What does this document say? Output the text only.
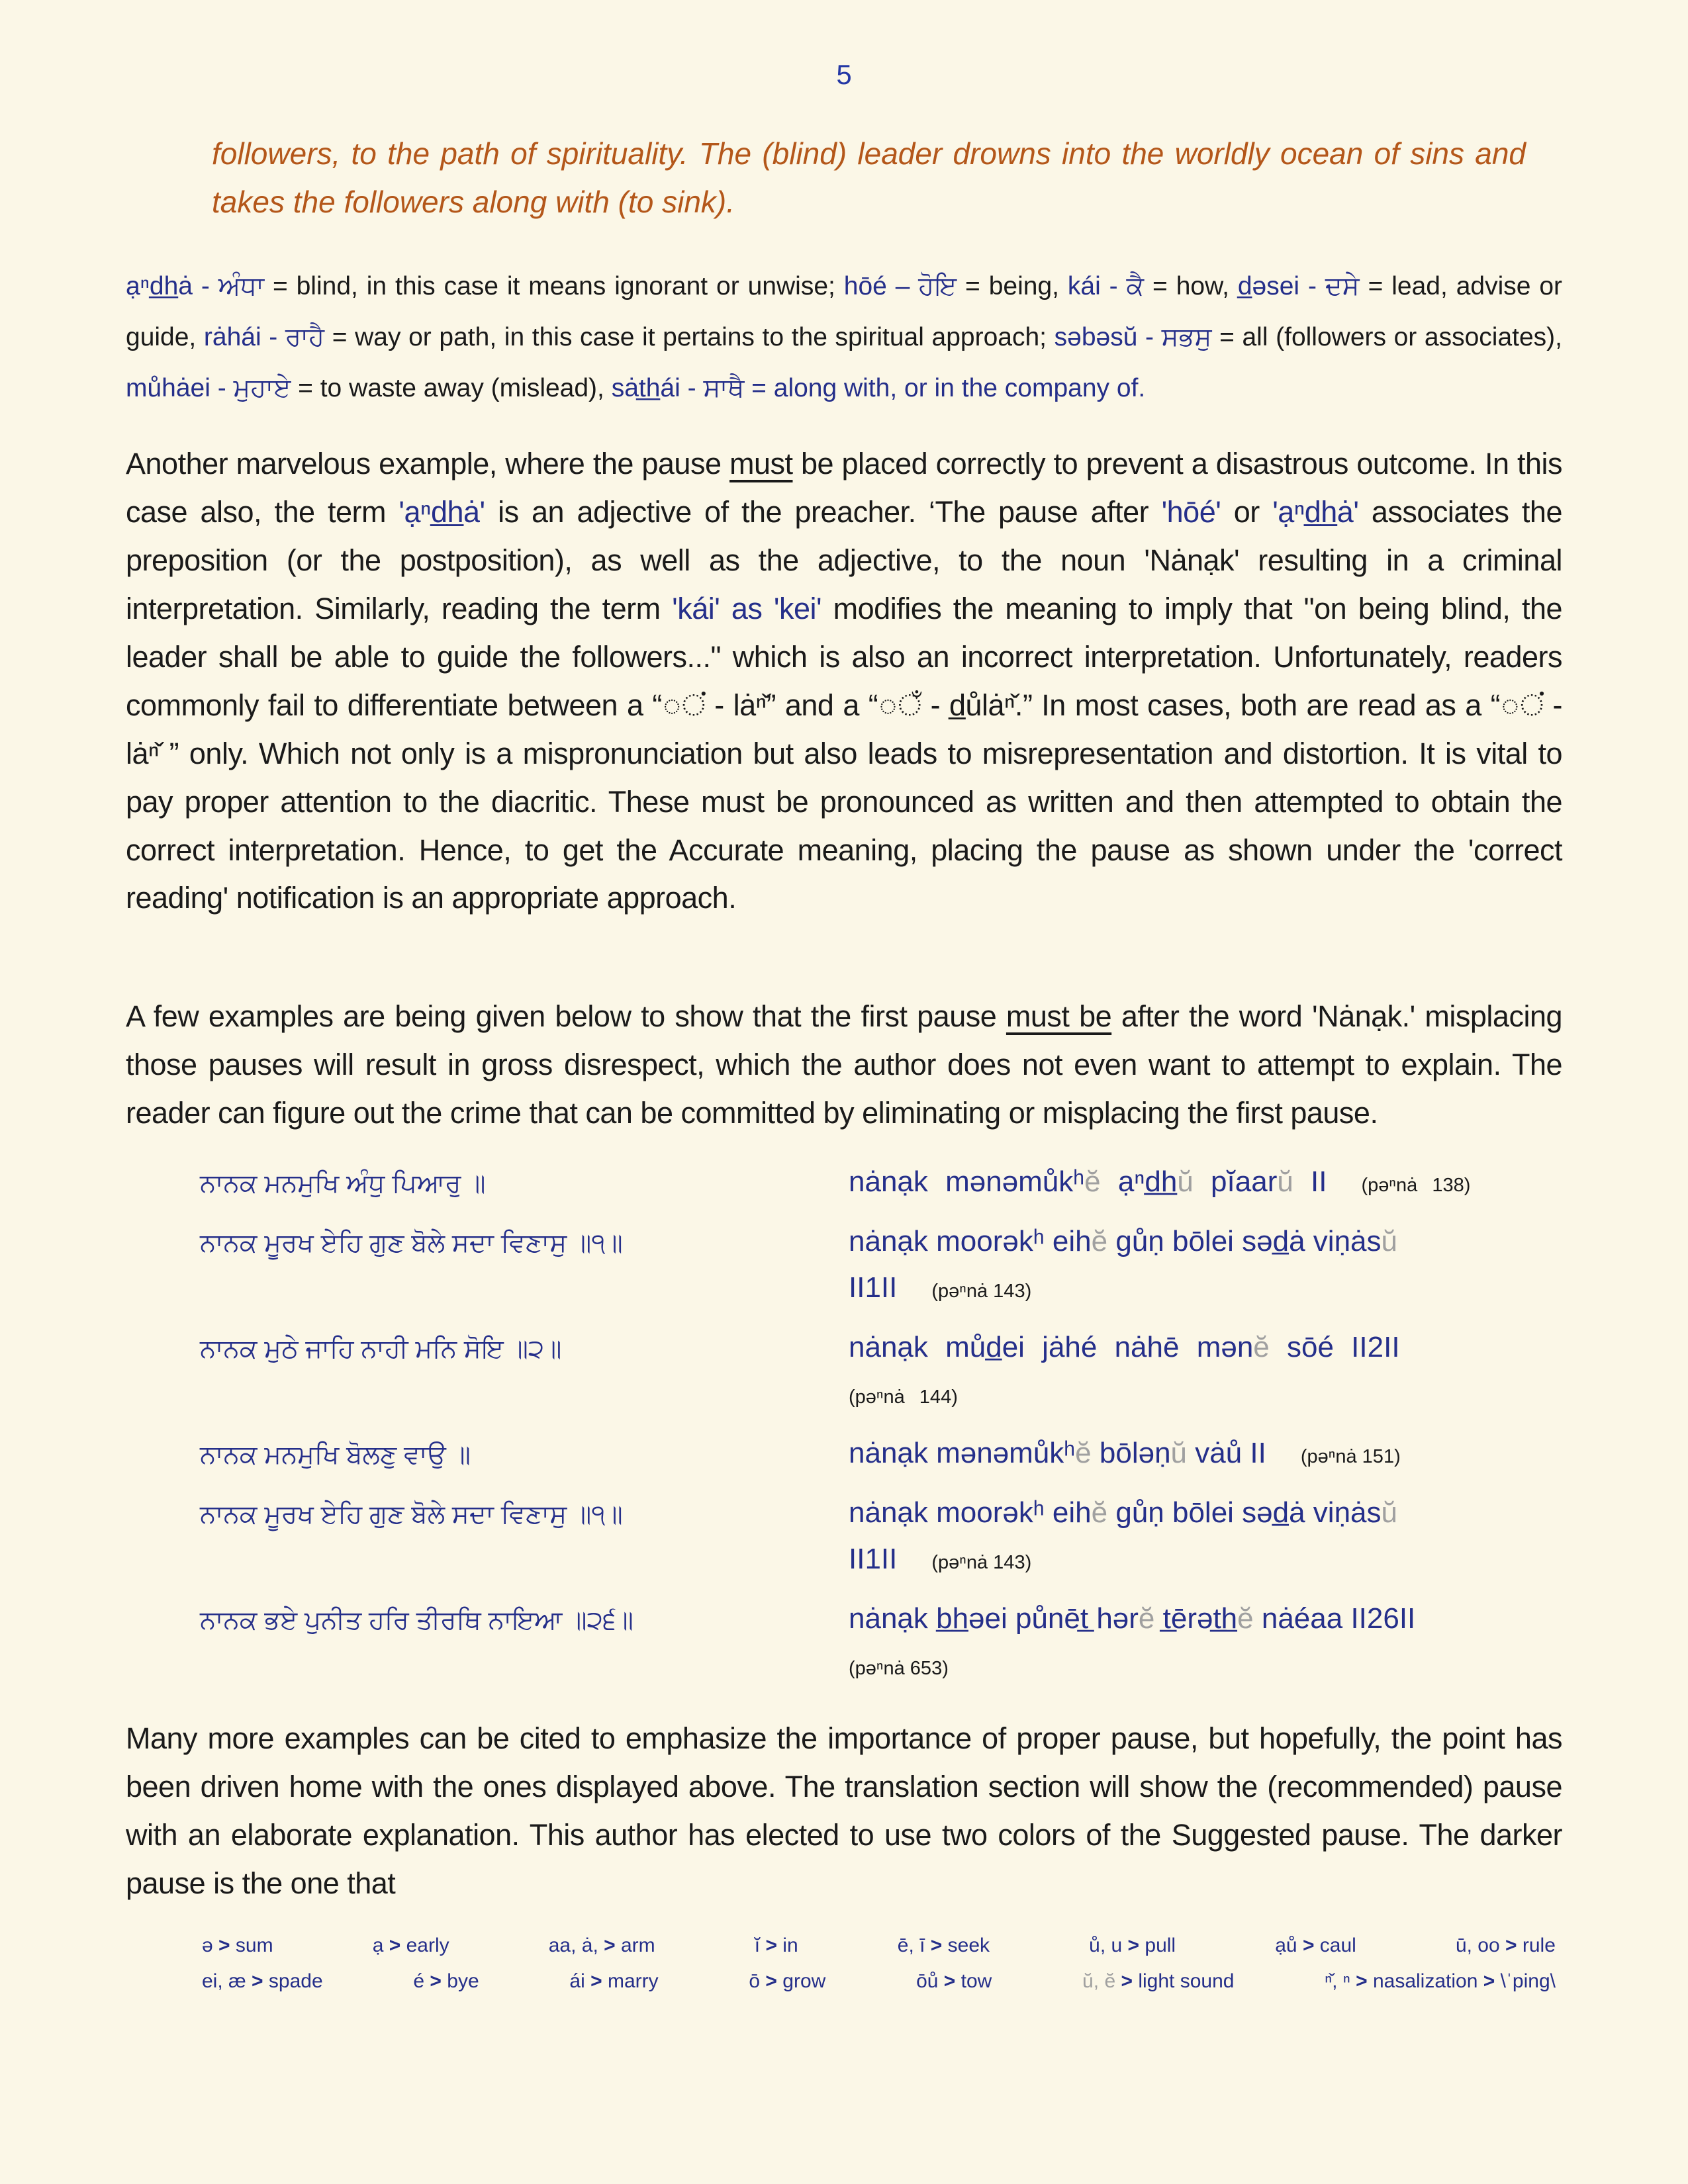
5
followers, to the path of spirituality. The (blind) leader drowns into the worldly ocean of sins and takes the followers along with (to sink).
ạⁿd̲h̲ȧ - ਅੰਧਾ = blind, in this case it means ignorant or unwise; hōé – ਹੋਇ = being, kái - ਕੈ = how, d̲əsei - ਦਸੇ = lead, advise or guide, rȧhái - ਰਾਹੈ = way or path, in this case it pertains to the spiritual approach; səbəsŭ - ਸਭਸੁ = all (followers or associates), můhȧei - ਮੁਹਾਏ = to waste away (mislead), sȧt̲h̲ái - ਸਾਥੈ = along with, or in the company of.
Another marvelous example, where the pause must be placed correctly to prevent a disastrous outcome. In this case also, the term 'ạⁿd̲h̲ȧ' is an adjective of the preacher. ‘The pause after 'hōé' or 'ạⁿd̲h̲ȧ' associates the preposition (or the postposition), as well as the adjective, to the noun 'Nȧnạk' resulting in a criminal interpretation. Similarly, reading the term 'kái' as 'kei' modifies the meaning to imply that "on being blind, the leader shall be able to guide the followers..." which is also an incorrect interpretation. Unfortunately, readers commonly fail to differentiate between a “◌ਂ - lȧⁿ̌” and a “◌ਁ - d̲ůlȧⁿ̌.” In most cases, both are read as a “◌ਂ - lȧⁿ̌ ” only. Which not only is a mispronunciation but also leads to misrepresentation and distortion. It is vital to pay proper attention to the diacritic. These must be pronounced as written and then attempted to obtain the correct interpretation. Hence, to get the Accurate meaning, placing the pause as shown under the 'correct reading' notification is an appropriate approach.
A few examples are being given below to show that the first pause must be after the word 'Nȧnạk.' misplacing those pauses will result in gross disrespect, which the author does not even want to attempt to explain. The reader can figure out the crime that can be committed by eliminating or misplacing the first pause.
ਨਾਨਕ ਮਨਮੁਖਿ ਅੰਧੁ ਪਿਆਰੁ ॥	nȧnạk mənəmůkʰĕ ạⁿd̲h̲ŭ pĭaarŭ II (pəⁿnȧ 138)
ਨਾਨਕ ਮੂਰਖ ਏਹਿ ਗੁਣ ਬੋਲੇ ਸਦਾ ਵਿਣਾਸੁ ॥੧॥	nȧnạk moorəkʰ eihĕ gůṇ bōlei səd̲ȧ viṇȧsŭ
II1II (pəⁿnȧ 143)
ਨਾਨਕ ਮੁਠੇ ਜਾਹਿ ਨਾਹੀ ਮਨਿ ਸੋਇ ॥੨॥	nȧnạk můd̲ei jȧhé nȧhē mənĕ sōé II2II
(pəⁿnȧ 144)
ਨਾਨਕ ਮਨਮੁਖਿ ਬੋਲਣੁ ਵਾਉ ॥	nȧnạk mənəmůkʰĕ bōləṇŭ vȧů II (pəⁿnȧ 151)
ਨਾਨਕ ਮੂਰਖ ਏਹਿ ਗੁਣ ਬੋਲੇ ਸਦਾ ਵਿਣਾਸੁ ॥੧॥	nȧnạk moorəkʰ eihĕ gůṇ bōlei səd̲ȧ viṇȧsŭ
II1II (pəⁿnȧ 143)
ਨਾਨਕ ਭਏ ਪੁਨੀਤ ਹਰਿ ਤੀਰਥਿ ਨਾਇਆ ॥੨੬॥	nȧnạk b̲h̲əei půnēt̲ hərĕ t̲ērət̲h̲ĕ nȧéaa II26II
(pəⁿnȧ 653)
Many more examples can be cited to emphasize the importance of proper pause, but hopefully, the point has been driven home with the ones displayed above. The translation section will show the (recommended) pause with an elaborate explanation. This author has elected to use two colors of the Suggested pause. The darker pause is the one that
ə > sum	ạ > early	aa, ȧ, > arm	ĭ > in	ē, ī > seek	ů, u > pull	ạů > caul	ū, oo > rule
ei, æ > spade	é > bye	ái > marry	ō > grow	ōů > tow	ŭ, ĕ > light sound	ⁿ̌, ⁿ > nasalization > \ˈping\
